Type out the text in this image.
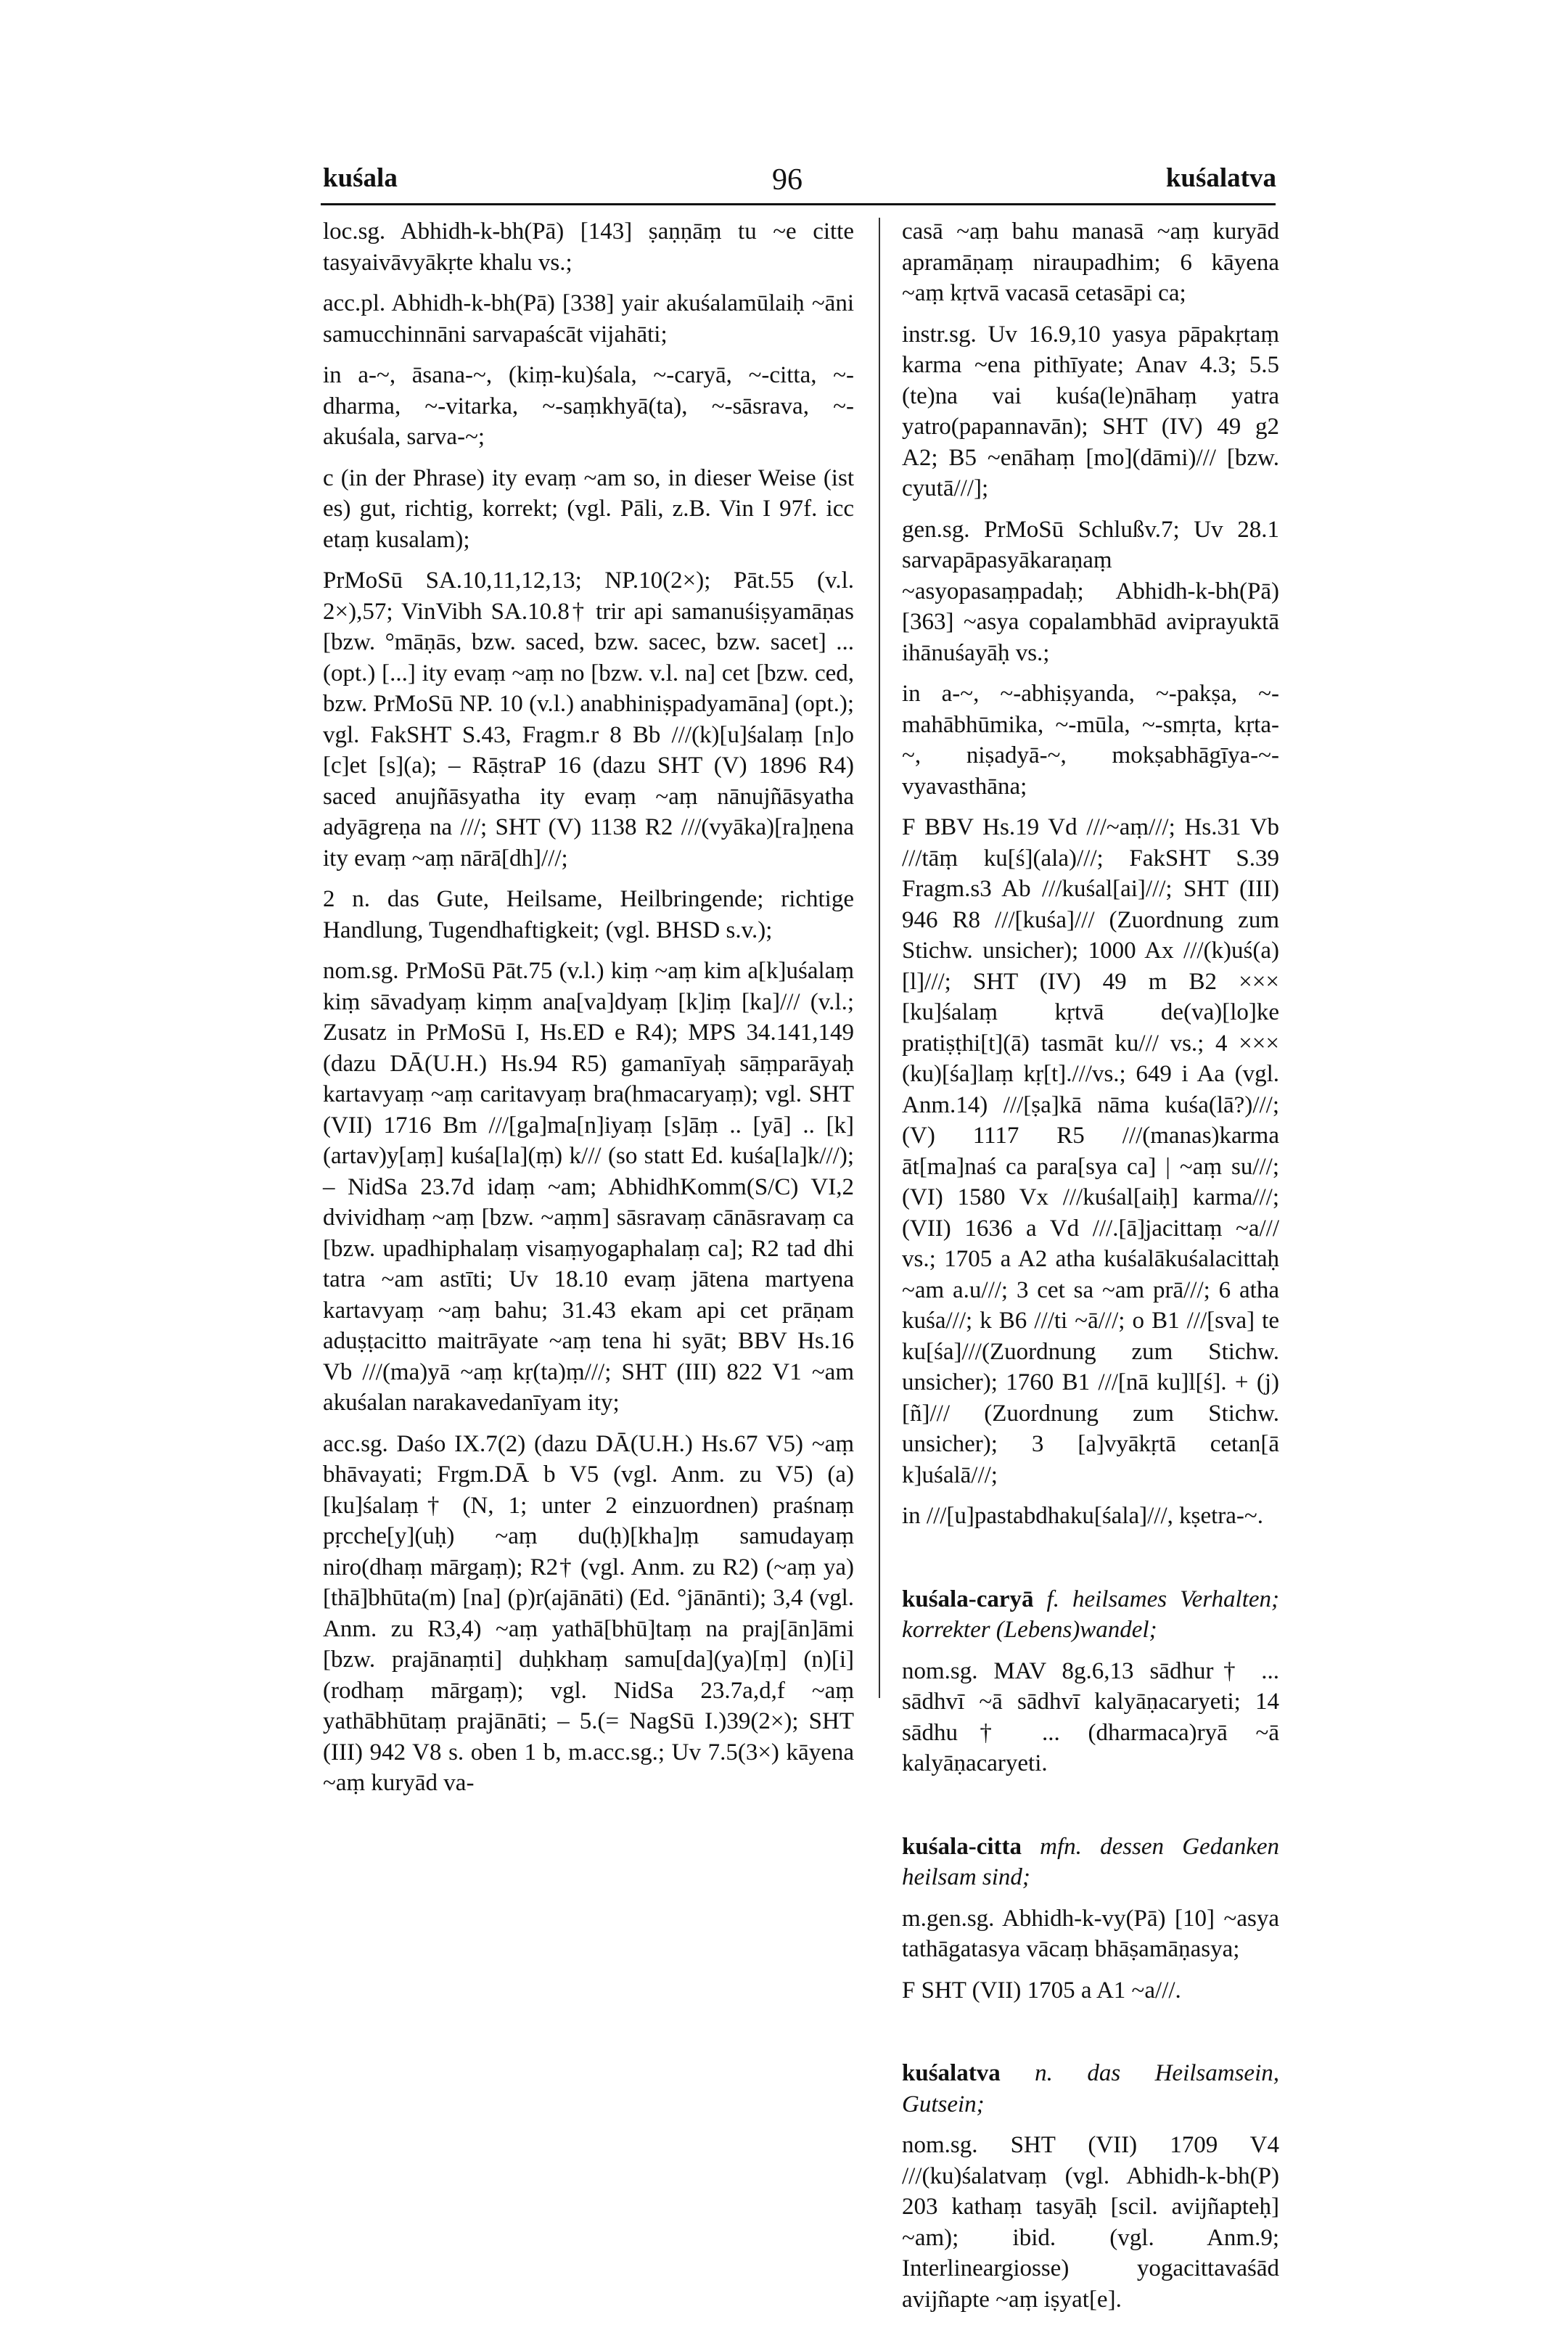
kuśala	96	kuśalatva

loc.sg. Abhidh-k-bh(Pā) [143] ṣaṇṇāṃ tu ~e citte tasyaivāvyākṛte khalu vs.;

acc.pl. Abhidh-k-bh(Pā) [338] yair akuśalamūlaiḥ ~āni samucchinnāni sarvapaścāt vijahāti;

in a-~, āsana-~, (kiṃ-ku)śala, ~-caryā, ~-citta, ~-dharma, ~-vitarka, ~-saṃkhyā(ta), ~-sāsrava, ~-akuśala, sarva-~;

c (in der Phrase) ity evaṃ ~am so, in dieser Weise (ist es) gut, richtig, korrekt; (vgl. Pāli, z.B. Vin I 97f. icc etaṃ kusalam);

PrMoSū SA.10,11,12,13; NP.10(2×); Pāt.55 (v.l. 2×),57; VinVibh SA.10.8† trir api samanuśiṣyamāṇas [bzw. °māṇās, bzw. saced, bzw. sacec, bzw. sacet] ... (opt.) [...] ity evaṃ ~aṃ no [bzw. v.l. na] cet [bzw. ced, bzw. PrMoSū NP. 10 (v.l.) anabhiniṣpadyamāna] (opt.); vgl. FakSHT S.43, Fragm.r 8 Bb ///(k)[u]śalaṃ [n]o [c]et [s](a); – RāṣtraP 16 (dazu SHT (V) 1896 R4) saced anujñāsyatha ity evaṃ ~aṃ nānujñāsyatha adyāgreṇa na ///; SHT (V) 1138 R2 ///(vyāka)[ra]ṇena ity evaṃ ~aṃ nārā[dh]///;

2 n. das Gute, Heilsame, Heilbringende; richtige Handlung, Tugendhaftigkeit; (vgl. BHSD s.v.);

nom.sg. PrMoSū Pāt.75 (v.l.) kiṃ ~aṃ kim a[k]uśalaṃ kiṃ sāvadyaṃ kiṃm ana[va]dyaṃ [k]iṃ [ka]/// (v.l.; Zusatz in PrMoSū I, Hs.ED e R4); MPS 34.141,149 (dazu DĀ(U.H.) Hs.94 R5) gamanīyaḥ sāṃparāyaḥ kartavyaṃ ~aṃ caritavyaṃ bra(hmacaryaṃ); vgl. SHT (VII) 1716 Bm ///[ga]ma[n]iyaṃ [s]āṃ .. [yā] .. [k](artav)y[aṃ] kuśa[la](ṃ) k/// (so statt Ed. kuśa[la]k///); – NidSa 23.7d idaṃ ~am; AbhidhKomm(S/C) VI,2 dvividhaṃ ~aṃ [bzw. ~aṃm] sāsravaṃ cānāsravaṃ ca [bzw. upadhiphalaṃ visaṃyogaphalaṃ ca]; R2 tad dhi tatra ~am astīti; Uv 18.10 evaṃ jātena martyena kartavyaṃ ~aṃ bahu; 31.43 ekam api cet prāṇam aduṣṭacitto maitrāyate ~aṃ tena hi syāt; BBV Hs.16 Vb ///(ma)yā ~aṃ kṛ(ta)ṃ///; SHT (III) 822 V1 ~am akuśalan narakavedanīyam ity;

acc.sg. Daśo IX.7(2) (dazu DĀ(U.H.) Hs.67 V5) ~aṃ bhāvayati; Frgm.DĀ b V5 (vgl. Anm. zu V5) (a)[ku]śalaṃ† (N, 1; unter 2 einzuordnen) praśnaṃ pṛcche[y](uḥ) ~aṃ du(ḥ)[kha]ṃ samudayaṃ niro(dhaṃ mārgaṃ); R2† (vgl. Anm. zu R2) (~aṃ ya)[thā]bhūta(m) [na] (p)r(ajānāti) (Ed. °jānānti); 3,4 (vgl. Anm. zu R3,4) ~aṃ yathā[bhū]taṃ na praj[ān]āmi [bzw. prajānaṃti] duḥkhaṃ samu[da](ya)[ṃ] (n)[i](rodhaṃ mārgaṃ); vgl. NidSa 23.7a,d,f ~aṃ yathābhūtaṃ prajānāti; – 5.(= NagSū I.)39(2×); SHT (III) 942 V8 s. oben 1 b, m.acc.sg.; Uv 7.5(3×) kāyena ~aṃ kuryād va-

casā ~aṃ bahu manasā ~aṃ kuryād apramāṇaṃ niraupadhim; 6 kāyena ~aṃ kṛtvā vacasā cetasāpi ca;

instr.sg. Uv 16.9,10 yasya pāpakṛtaṃ karma ~ena pithīyate; Anav 4.3; 5.5 (te)na vai kuśa(le)nāhaṃ yatra yatro(papannavān); SHT (IV) 49 g2 A2; B5 ~enāhaṃ [mo](dāmi)/// [bzw. cyutā///];

gen.sg. PrMoSū Schlußv.7; Uv 28.1 sarvapāpasyākaraṇaṃ ~asyopasaṃpadaḥ; Abhidh-k-bh(Pā) [363] ~asya copalambhād aviprayuktā ihānuśayāḥ vs.;

in a-~, ~-abhiṣyanda, ~-pakṣa, ~-mahābhūmika, ~-mūla, ~-smṛta, kṛta-~, niṣadyā-~, mokṣabhāgīya-~-vyavasthāna;

F BBV Hs.19 Vd ///~aṃ///; Hs.31 Vb ///tāṃ ku[ś](ala)///; FakSHT S.39 Fragm.s3 Ab ///kuśal[ai]///; SHT (III) 946 R8 ///[kuśa]/// (Zuordnung zum Stichw. unsicher); 1000 Ax ///(k)uś(a)[l]///; SHT (IV) 49 m B2 ××× [ku]śalaṃ kṛtvā de(va)[lo]ke pratiṣṭhi[t](ā) tasmāt ku/// vs.; 4 ××× (ku)[śa]laṃ kṛ[t].///vs.; 649 i Aa (vgl. Anm.14) ///[ṣa]kā nāma kuśa(lā?)///; (V) 1117 R5 ///(manas)karma āt[ma]naś ca para[sya ca] | ~aṃ su///; (VI) 1580 Vx ///kuśal[aiḥ] karma///; (VII) 1636 a Vd ///.[ā]jacittaṃ ~a/// vs.; 1705 a A2 atha kuśalākuśalacittaḥ ~am a.u///; 3 cet sa ~am prā///; 6 atha kuśa///; k B6 ///ti ~ā///; o B1 ///[sva] te ku[śa]///(Zuordnung zum Stichw. unsicher); 1760 B1 ///[nā ku]l[ś]. + (j)[ñ]/// (Zuordnung zum Stichw. unsicher); 3 [a]vyākṛtā cetan[ā k]uśalā///;

in ///[u]pastabdhaku[śala]///, kṣetra-~.

kuśala-caryā f. heilsames Verhalten; korrekter (Lebens)wandel;

nom.sg. MAV 8g.6,13 sādhur† ... sādhvī ~ā sādhvī kalyāṇacaryeti; 14 sādhu† ... (dharmaca)ryā ~ā kalyāṇacaryeti.

kuśala-citta mfn. dessen Gedanken heilsam sind;

m.gen.sg. Abhidh-k-vy(Pā) [10] ~asya tathāgatasya vācaṃ bhāṣamāṇasya;

F SHT (VII) 1705 a A1 ~a///.

kuśalatva n. das Heilsamsein, Gutsein;

nom.sg. SHT (VII) 1709 V4 ///(ku)śalatvaṃ (vgl. Abhidh-k-bh(P) 203 kathaṃ tasyāḥ [scil. avijñapteḥ] ~am); ibid. (vgl. Anm.9; Interlineargiosse) yogacittavaśād avijñapte ~aṃ iṣyat[e].
